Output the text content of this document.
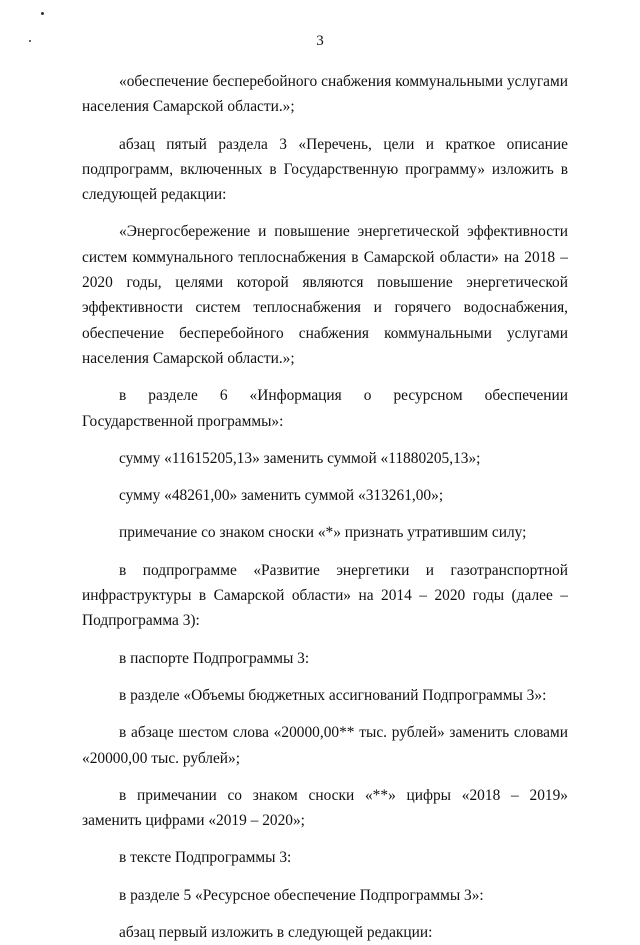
3

«обеспечение бесперебойного снабжения коммунальными услугами населения Самарской области.»;

абзац пятый раздела 3 «Перечень, цели и краткое описание подпрограмм, включенных в Государственную программу» изложить в следующей редакции:

«Энергосбережение и повышение энергетической эффективности систем коммунального теплоснабжения в Самарской области» на 2018 – 2020 годы, целями которой являются повышение энергетической эффективности систем теплоснабжения и горячего водоснабжения, обеспечение бесперебойного снабжения коммунальными услугами населения Самарской области.»;

в разделе 6 «Информация о ресурсном обеспечении Государственной программы»:

сумму «11615205,13» заменить суммой «11880205,13»;

сумму «48261,00» заменить суммой «313261,00»;

примечание со знаком сноски «*» признать утратившим силу;

в подпрограмме «Развитие энергетики и газотранспортной инфраструктуры в Самарской области» на 2014 – 2020 годы (далее – Подпрограмма 3):

в паспорте Подпрограммы 3:

в разделе «Объемы бюджетных ассигнований Подпрограммы 3»:

в абзаце шестом слова «20000,00** тыс. рублей» заменить словами «20000,00 тыс. рублей»;

в примечании со знаком сноски «**» цифры «2018 – 2019» заменить цифрами «2019 – 2020»;

в тексте Подпрограммы 3:

в разделе 5 «Ресурсное обеспечение Подпрограммы 3»:

абзац первый изложить в следующей редакции:
